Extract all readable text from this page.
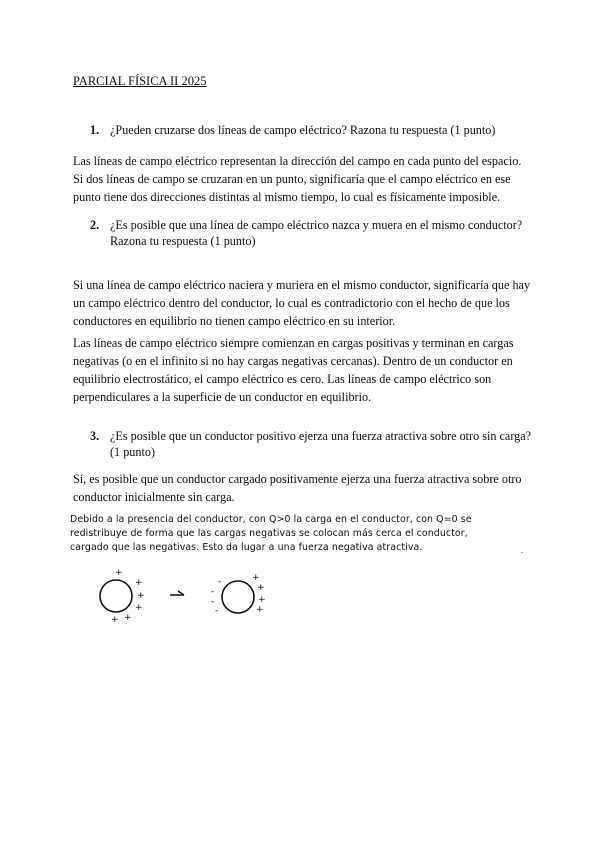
PARCIAL FÍSICA II 2025
1. ¿Pueden cruzarse dos líneas de campo eléctrico? Razona tu respuesta (1 punto)
Las líneas de campo eléctrico representan la dirección del campo en cada punto del espacio.
Si dos líneas de campo se cruzaran en un punto, significaría que el campo eléctrico en ese
punto tiene dos direcciones distintas al mismo tiempo, lo cual es físicamente imposible.
2. ¿Es posible que una línea de campo eléctrico nazca y muera en el mismo conductor?
Razona tu respuesta (1 punto)
Si una línea de campo eléctrico naciera y muriera en el mismo conductor, significaría que hay
un campo eléctrico dentro del conductor, lo cual es contradictorio con el hecho de que los
conductores en equilibrio no tienen campo eléctrico en su interior.
Las líneas de campo eléctrico siempre comienzan en cargas positivas y terminan en cargas
negativas (o en el infinito si no hay cargas negativas cercanas). Dentro de un conductor en
equilibrio electrostático, el campo eléctrico es cero. Las líneas de campo eléctrico son
perpendiculares a la superficie de un conductor en equilibrio.
3. ¿Es posible que un conductor positivo ejerza una fuerza atractiva sobre otro sin carga?
(1 punto)
Sí, es posible que un conductor cargado positivamente ejerza una fuerza atractiva sobre otro
conductor inicialmente sin carga.
Debido a la presencia del conductor, con Q>0 la carga en el conductor, con Q=0 se
redistribuye de forma que las cargas negativas se colocan más cerca el conductor,
cargado que las negativas. Esto da lugar a una fuerza negativa atractiva.	.
+
+
+
+
+ +
-
-
-
-
+
+
+
+
